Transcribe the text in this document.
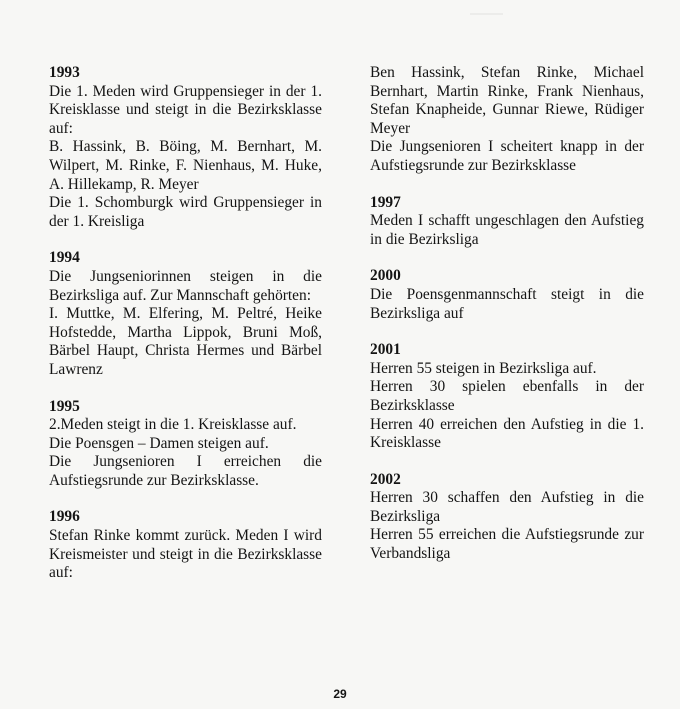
⎯⎯⎯⎯⎯⎯
1993
Die 1. Meden wird Gruppensieger in der 1. Kreisklasse und steigt in die Bezirksklasse auf:
B. Hassink, B. Böing, M. Bernhart, M. Wilpert, M. Rinke, F. Nienhaus, M. Huke, A. Hillekamp, R. Meyer
Die 1. Schomburgk wird Gruppensieger in der 1. Kreisliga
1994
Die Jungseniorinnen steigen in die Bezirksliga auf. Zur Mannschaft gehörten:
I. Muttke, M. Elfering, M. Peltré, Heike Hofstedde, Martha Lippok, Bruni Moß, Bärbel Haupt, Christa Hermes und Bärbel Lawrenz
1995
2.Meden steigt in die 1. Kreisklasse auf.
Die Poensgen – Damen steigen auf.
Die Jungsenioren I erreichen die Aufstiegsrunde zur Bezirksklasse.
1996
Stefan Rinke kommt zurück. Meden I wird Kreismeister und steigt in die Bezirksklasse auf:
Ben Hassink, Stefan Rinke, Michael Bernhart, Martin Rinke, Frank Nienhaus, Stefan Knapheide, Gunnar Riewe, Rüdiger Meyer
Die Jungsenioren I scheitert knapp in der Aufstiegsrunde zur Bezirksklasse
1997
Meden I schafft ungeschlagen den Aufstieg in die Bezirksliga
2000
Die Poensgenmannschaft steigt in die Bezirksliga auf
2001
Herren 55 steigen in Bezirksliga auf.
Herren 30 spielen ebenfalls in der Bezirksklasse
Herren 40 erreichen den Aufstieg in die 1. Kreisklasse
2002
Herren 30 schaffen den Aufstieg in die Bezirksliga
Herren 55 erreichen die Aufstiegsrunde zur Verbandsliga
29
